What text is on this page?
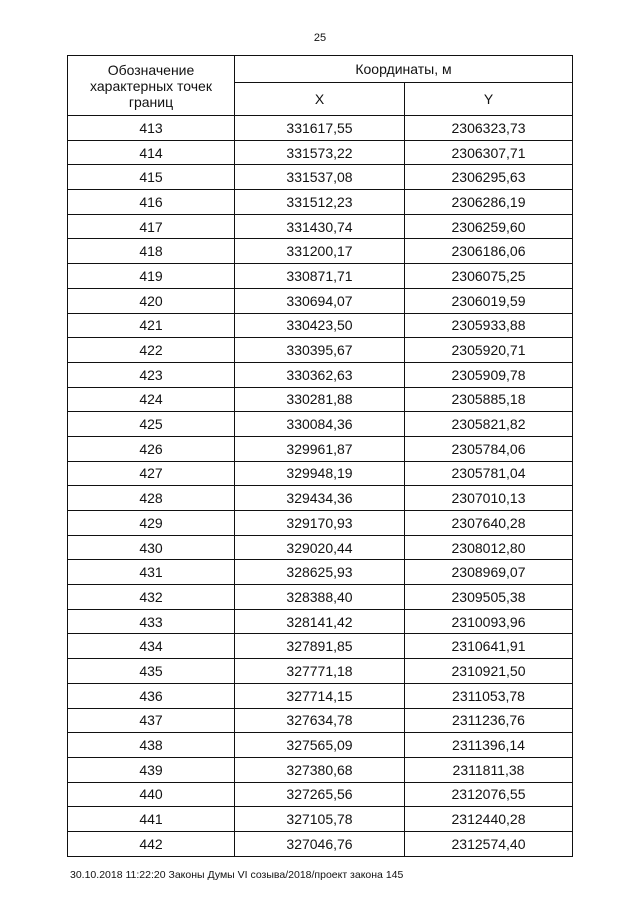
25
Обозначение характерных точек границ	Координаты, м	
	X	Y
413	331617,55	2306323,73
414	331573,22	2306307,71
415	331537,08	2306295,63
416	331512,23	2306286,19
417	331430,74	2306259,60
418	331200,17	2306186,06
419	330871,71	2306075,25
420	330694,07	2306019,59
421	330423,50	2305933,88
422	330395,67	2305920,71
423	330362,63	2305909,78
424	330281,88	2305885,18
425	330084,36	2305821,82
426	329961,87	2305784,06
427	329948,19	2305781,04
428	329434,36	2307010,13
429	329170,93	2307640,28
430	329020,44	2308012,80
431	328625,93	2308969,07
432	328388,40	2309505,38
433	328141,42	2310093,96
434	327891,85	2310641,91
435	327771,18	2310921,50
436	327714,15	2311053,78
437	327634,78	2311236,76
438	327565,09	2311396,14
439	327380,68	2311811,38
440	327265,56	2312076,55
441	327105,78	2312440,28
442	327046,76	2312574,40
30.10.2018 11:22:20 Законы Думы VI созыва/2018/проект закона 145
